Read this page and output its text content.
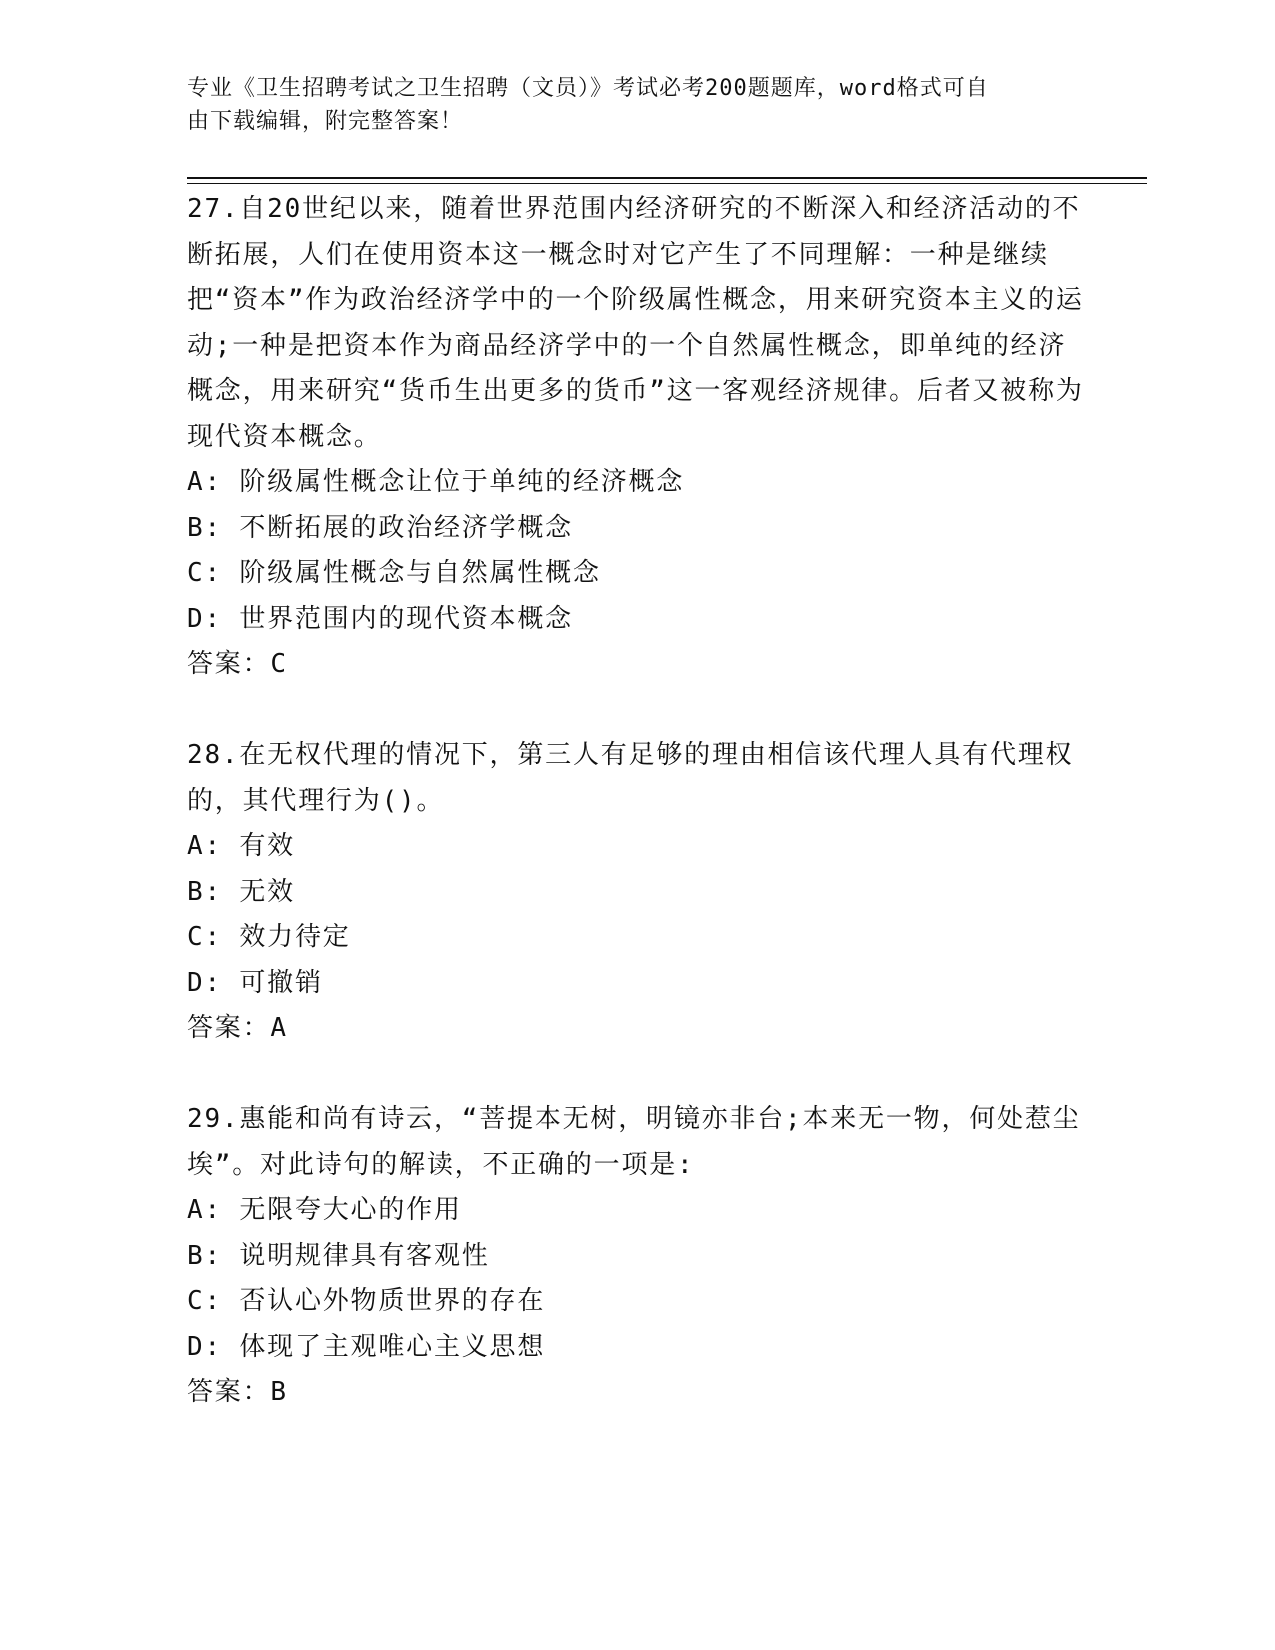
专业《卫生招聘考试之卫生招聘（文员）》考试必考200题题库，word格式可自
由下载编辑，附完整答案！

27.自20世纪以来，随着世界范围内经济研究的不断深入和经济活动的不断拓展，人们在使用资本这一概念时对它产生了不同理解：一种是继续把“资本”作为政治经济学中的一个阶级属性概念，用来研究资本主义的运动;一种是把资本作为商品经济学中的一个自然属性概念，即单纯的经济概念，用来研究“货币生出更多的货币”这一客观经济规律。后者又被称为现代资本概念。

A: 阶级属性概念让位于单纯的经济概念

B: 不断拓展的政治经济学概念

C: 阶级属性概念与自然属性概念

D: 世界范围内的现代资本概念

答案：C

28.在无权代理的情况下，第三人有足够的理由相信该代理人具有代理权的，其代理行为()。

A: 有效

B: 无效

C: 效力待定

D: 可撤销

答案：A

29.惠能和尚有诗云，“菩提本无树，明镜亦非台;本来无一物，何处惹尘埃”。对此诗句的解读，不正确的一项是:

A: 无限夸大心的作用

B: 说明规律具有客观性

C: 否认心外物质世界的存在

D: 体现了主观唯心主义思想

答案：B
